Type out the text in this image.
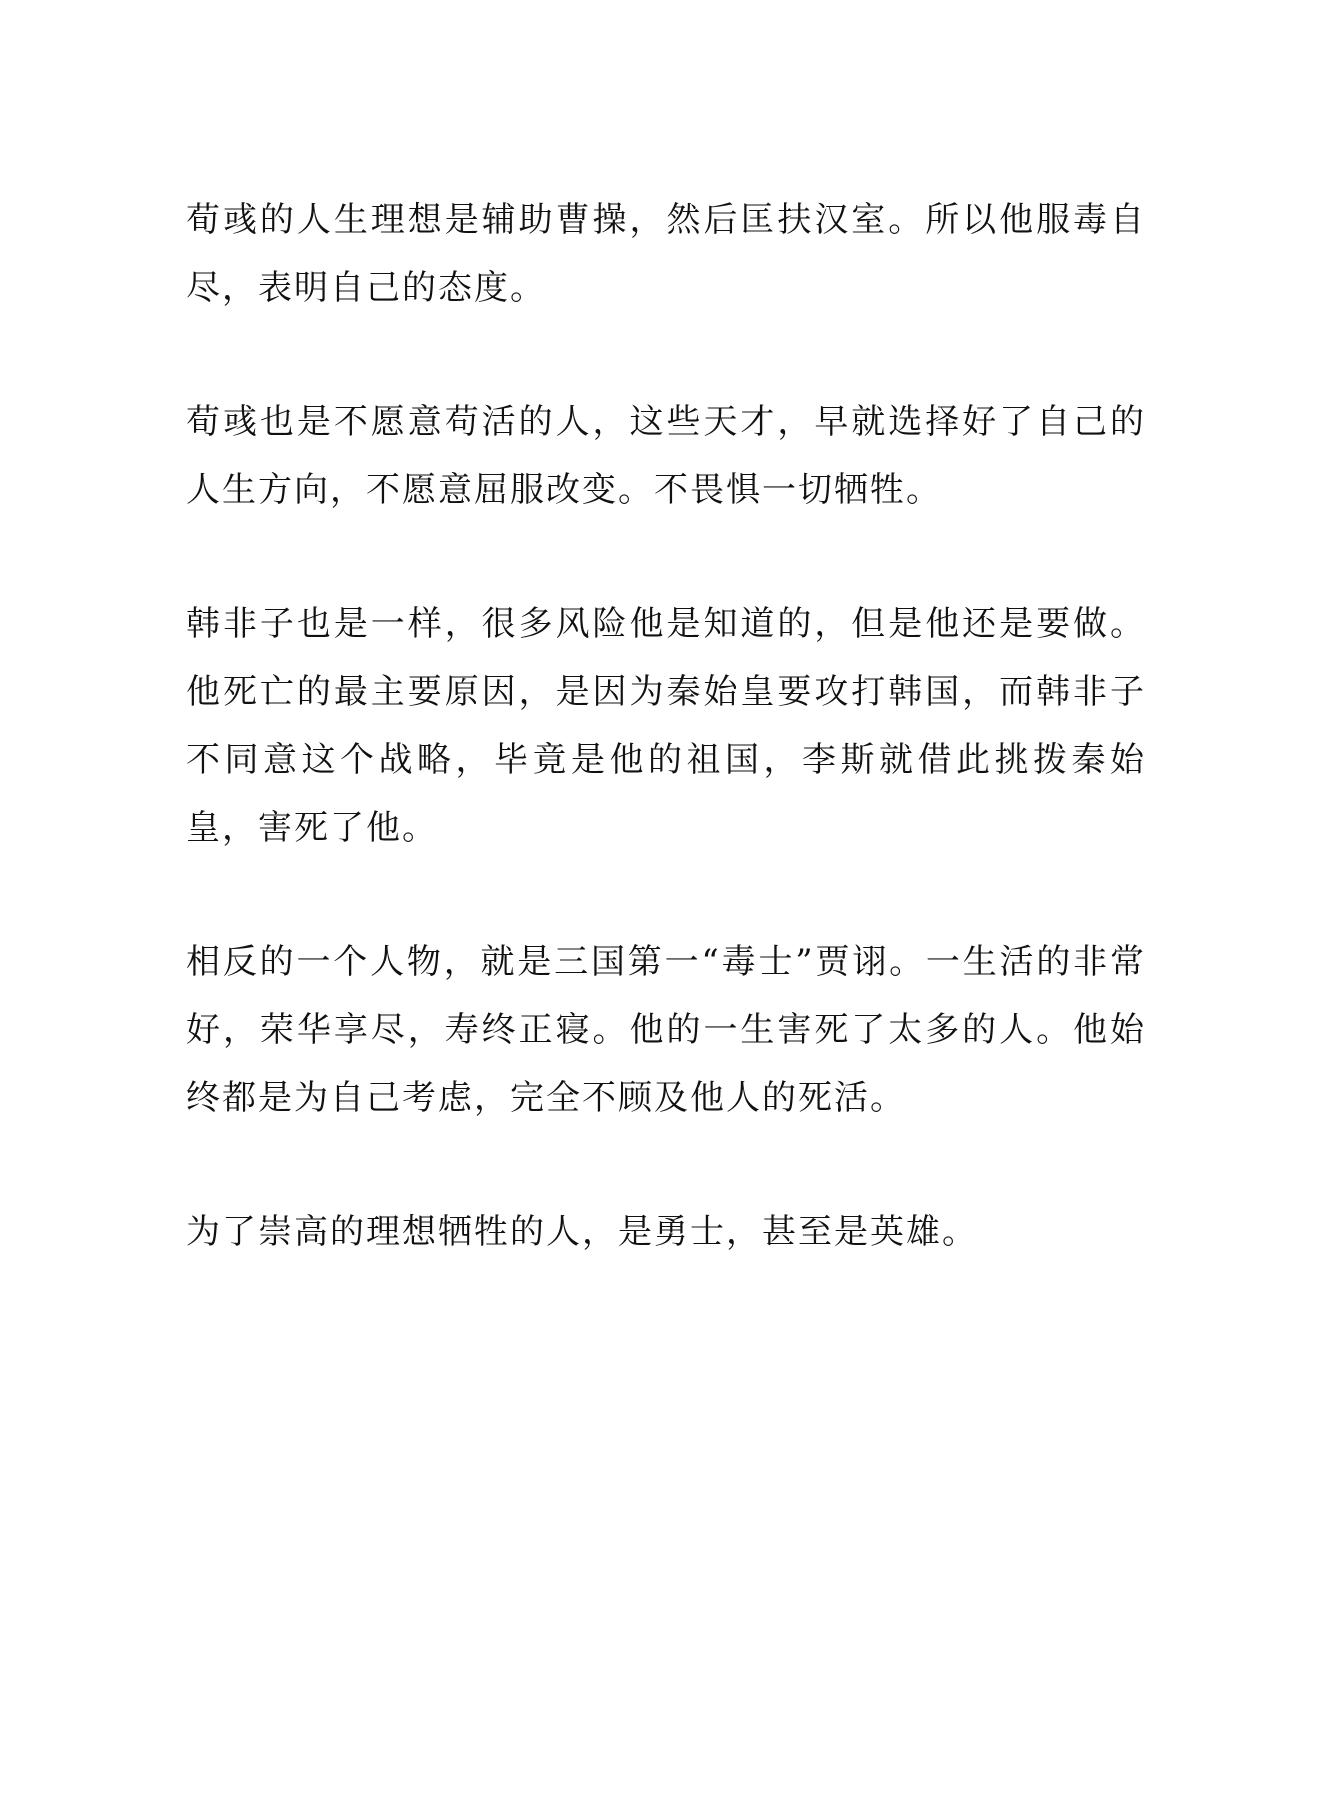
荀彧的人生理想是辅助曹操，然后匡扶汉室。所以他服毒自尽，表明自己的态度。

荀彧也是不愿意苟活的人，这些天才，早就选择好了自己的人生方向，不愿意屈服改变。不畏惧一切牺牲。

韩非子也是一样，很多风险他是知道的，但是他还是要做。他死亡的最主要原因，是因为秦始皇要攻打韩国，而韩非子不同意这个战略，毕竟是他的祖国，李斯就借此挑拨秦始皇，害死了他。

相反的一个人物，就是三国第一“毒士”贾诩。一生活的非常好，荣华享尽，寿终正寝。他的一生害死了太多的人。他始终都是为自己考虑，完全不顾及他人的死活。

为了崇高的理想牺牲的人，是勇士，甚至是英雄。
